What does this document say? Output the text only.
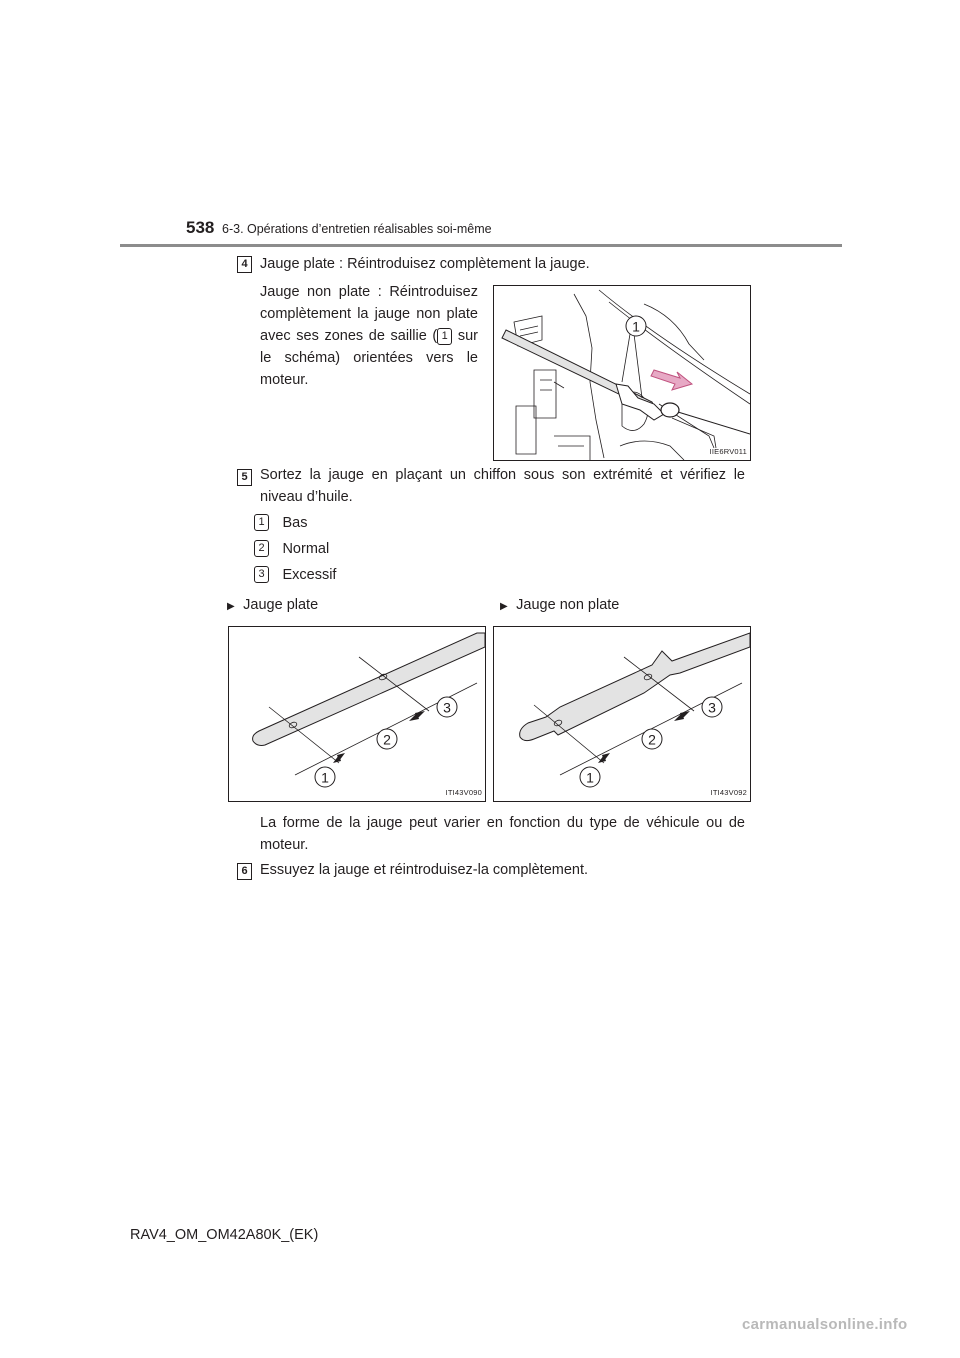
538 6-3. Opérations d’entretien réalisables soi-même
4 Jauge plate : Réintroduisez complètement la jauge.
Jauge non plate : Réintroduisez complètement la jauge non plate avec ses zones de saillie ( 1 sur le schéma) orientées vers le moteur.
1
IIE6RV011
5 Sortez la jauge en plaçant un chiffon sous son extrémité et vérifiez le niveau d’huile.
1 Bas
2 Normal
3 Excessif
▶ Jauge plate	▶ Jauge non plate
1
2
3
ITI43V090
1
2
3
ITI43V092
La forme de la jauge peut varier en fonction du type de véhicule ou de moteur.
6 Essuyez la jauge et réintroduisez-la complètement.
RAV4_OM_OM42A80K_(EK)
carmanualsonline.info
